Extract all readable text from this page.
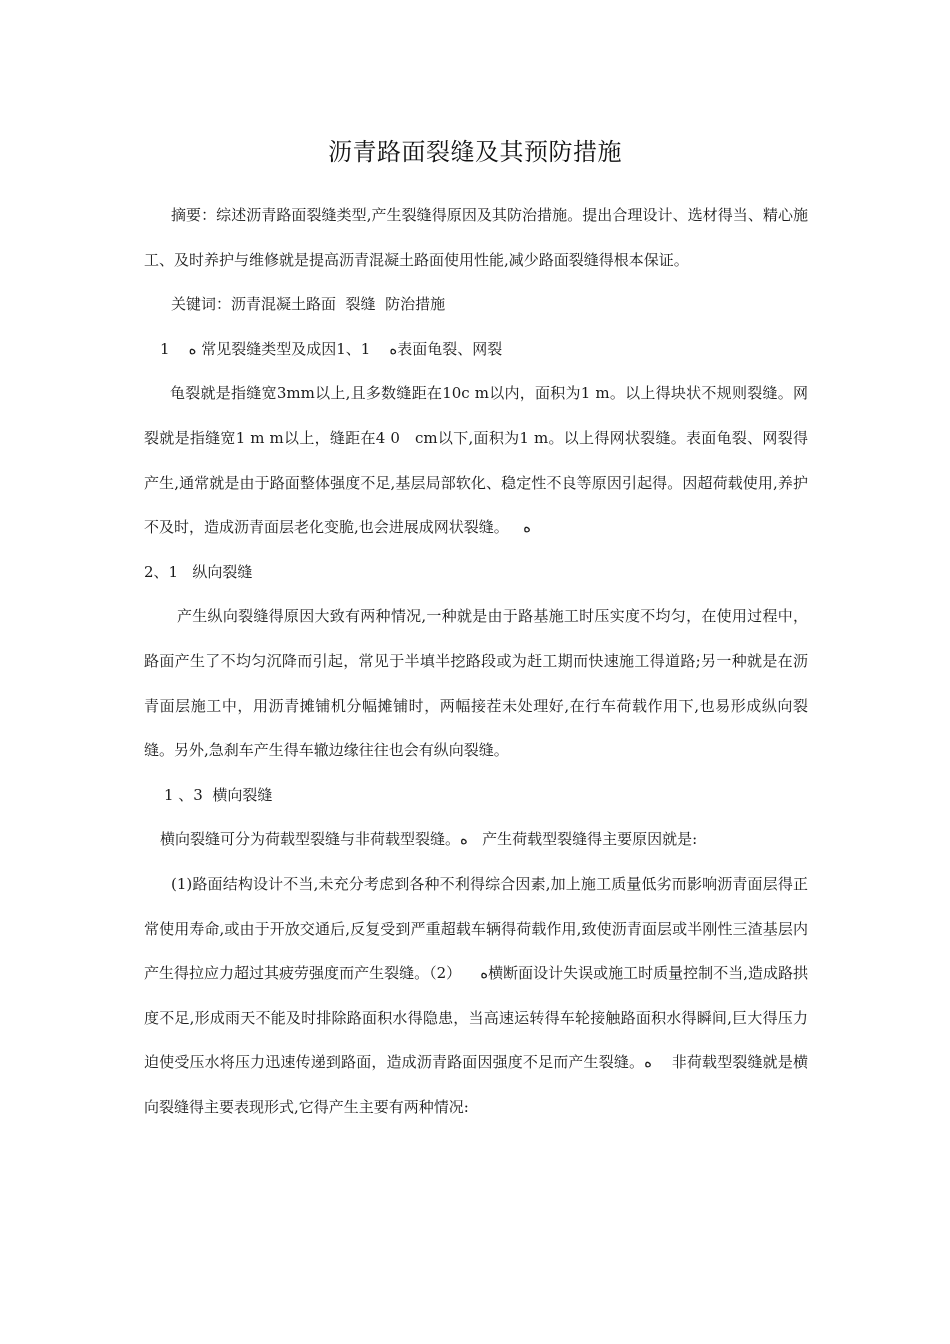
沥青路面裂缝及其预防措施

摘要：综述沥青路面裂缝类型,产生裂缝得原因及其防治措施。提出合理设计、选材得当、精心施工、及时养护与维修就是提高沥青混凝土路面使用性能,减少路面裂缝得根本保证。

关键词：沥青混凝土路面  裂缝  防治措施

1    ﻩ 常见裂缝类型及成因1、1    ﻩ表面龟裂、网裂

龟裂就是指缝宽3mm以上,且多数缝距在10c m以内，面积为1 m。以上得块状不规则裂缝。网裂就是指缝宽1 m m以上，缝距在4 0   cm以下,面积为1 m。以上得网状裂缝。表面龟裂、网裂得产生,通常就是由于路面整体强度不足,基层局部软化、稳定性不良等原因引起得。因超荷载使用,养护不及时，造成沥青面层老化变脆,也会进展成网状裂缝。   ﻩ

2、1   纵向裂缝

产生纵向裂缝得原因大致有两种情况,一种就是由于路基施工时压实度不均匀，在使用过程中，路面产生了不均匀沉降而引起，常见于半填半挖路段或为赶工期而快速施工得道路;另一种就是在沥青面层施工中，用沥青摊铺机分幅摊铺时，两幅接茬未处理好,在行车荷载作用下,也易形成纵向裂缝。另外,急刹车产生得车辙边缘往往也会有纵向裂缝。

1 、3  横向裂缝

横向裂缝可分为荷载型裂缝与非荷载型裂缝。ﻩ   产生荷载型裂缝得主要原因就是:

(1)路面结构设计不当,未充分考虑到各种不利得综合因素,加上施工质量低劣而影响沥青面层得正常使用寿命,或由于开放交通后,反复受到严重超载车辆得荷载作用,致使沥青面层或半刚性三渣基层内产生得拉应力超过其疲劳强度而产生裂缝。（2）    ﻩ横断面设计失误或施工时质量控制不当,造成路拱度不足,形成雨天不能及时排除路面积水得隐患，当高速运转得车轮接触路面积水得瞬间,巨大得压力迫使受压水将压力迅速传递到路面，造成沥青路面因强度不足而产生裂缝。ﻩ    非荷载型裂缝就是横向裂缝得主要表现形式,它得产生主要有两种情况:
